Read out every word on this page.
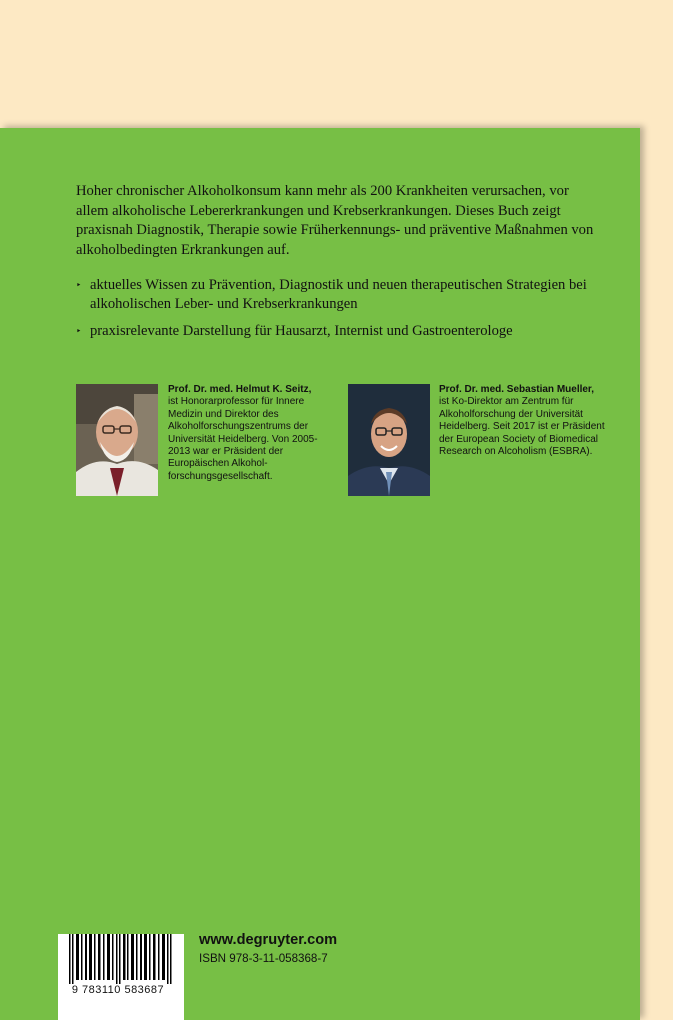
Hoher chronischer Alkoholkonsum kann mehr als 200 Krankheiten verursachen, vor allem alkoholische Lebererkrankungen und Krebserkrankungen. Dieses Buch zeigt praxisnah Diagnostik, Therapie sowie Früherkennungs- und präventive Maßnahmen von alkoholbedingten Erkrankungen auf.

‣ aktuelles Wissen zu Prävention, Diagnostik und neuen therapeutischen Strategien bei alkoholischen Leber- und Krebserkrankungen
‣ praxisrelevante Darstellung für Hausarzt, Internist und Gastroenterologe
Prof. Dr. med. Helmut K. Seitz,
ist Honorarprofessor für Innere Medizin und Direktor des Alkoholforschungszentrums der Universität Heidelberg. Von 2005-2013 war er Präsident der Europäischen Alkoholforschungsgesellschaft.
Prof. Dr. med. Sebastian Mueller,
ist Ko-Direktor am Zentrum für Alkoholforschung der Universität Heidelberg. Seit 2017 ist er Präsident der European Society of Biomedical Research on Alcoholism (ESBRA).
9 783110 583687
www.degruyter.com
ISBN 978-3-11-058368-7
